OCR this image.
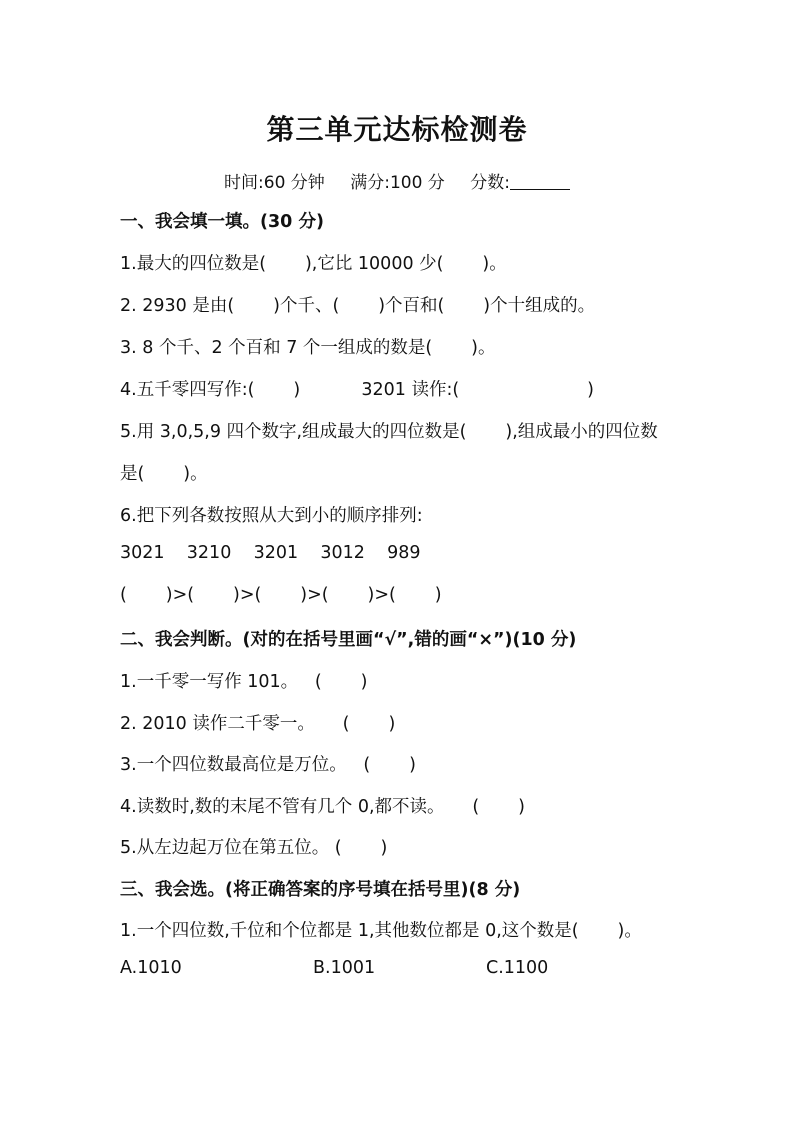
第三单元达标检测卷
时间:60 分钟 满分:100 分 分数:
一、我会填一填。(30 分)
1.最大的四位数是(       ),它比 10000 少(       )。
2. 2930 是由(       )个千、(       )个百和(       )个十组成的。
3. 8 个千、2 个百和 7 个一组成的数是(       )。
4.五千零四写作:(       )           3201 读作:(                       )
5.用 3,0,5,9 四个数字,组成最大的四位数是(       ),组成最小的四位数
是(       )。
6.把下列各数按照从大到小的顺序排列:
3021    3210    3201    3012    989
(       )>(       )>(       )>(       )>(       )
二、我会判断。(对的在括号里画“√”,错的画“×”)(10 分)
1.一千零一写作 101。   (       )
2. 2010 读作二千零一。     (       )
3.一个四位数最高位是万位。   (       )
4.读数时,数的末尾不管有几个 0,都不读。     (       )
5.从左边起万位在第五位。 (       )
三、我会选。(将正确答案的序号填在括号里)(8 分)
1.一个四位数,千位和个位都是 1,其他数位都是 0,这个数是(       )。
A.1010	B.1001	C.1100
